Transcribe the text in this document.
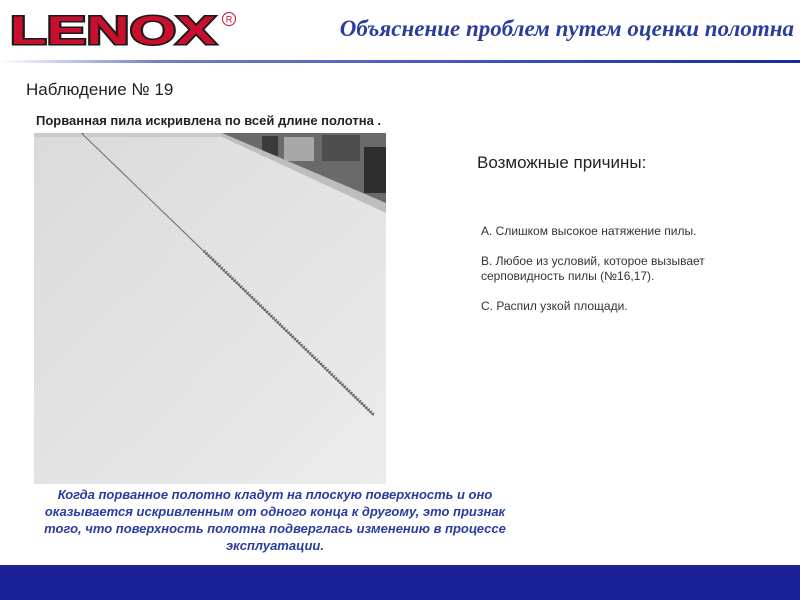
LENOX R	Объяснение проблем путем оценки полотна
Наблюдение № 19
Порванная пила искривлена по всей длине полотна .
Возможные причины:

A. Слишком высокое натяжение пилы.

B. Любое из условий, которое вызывает серповидность пилы (№16,17).

C. Распил узкой площади.

Когда порванное полотно кладут на плоскую поверхность и оно оказывается искривленным от одного конца к другому, это признак того, что поверхность полотна подверглась изменению в процессе эксплуатации.
